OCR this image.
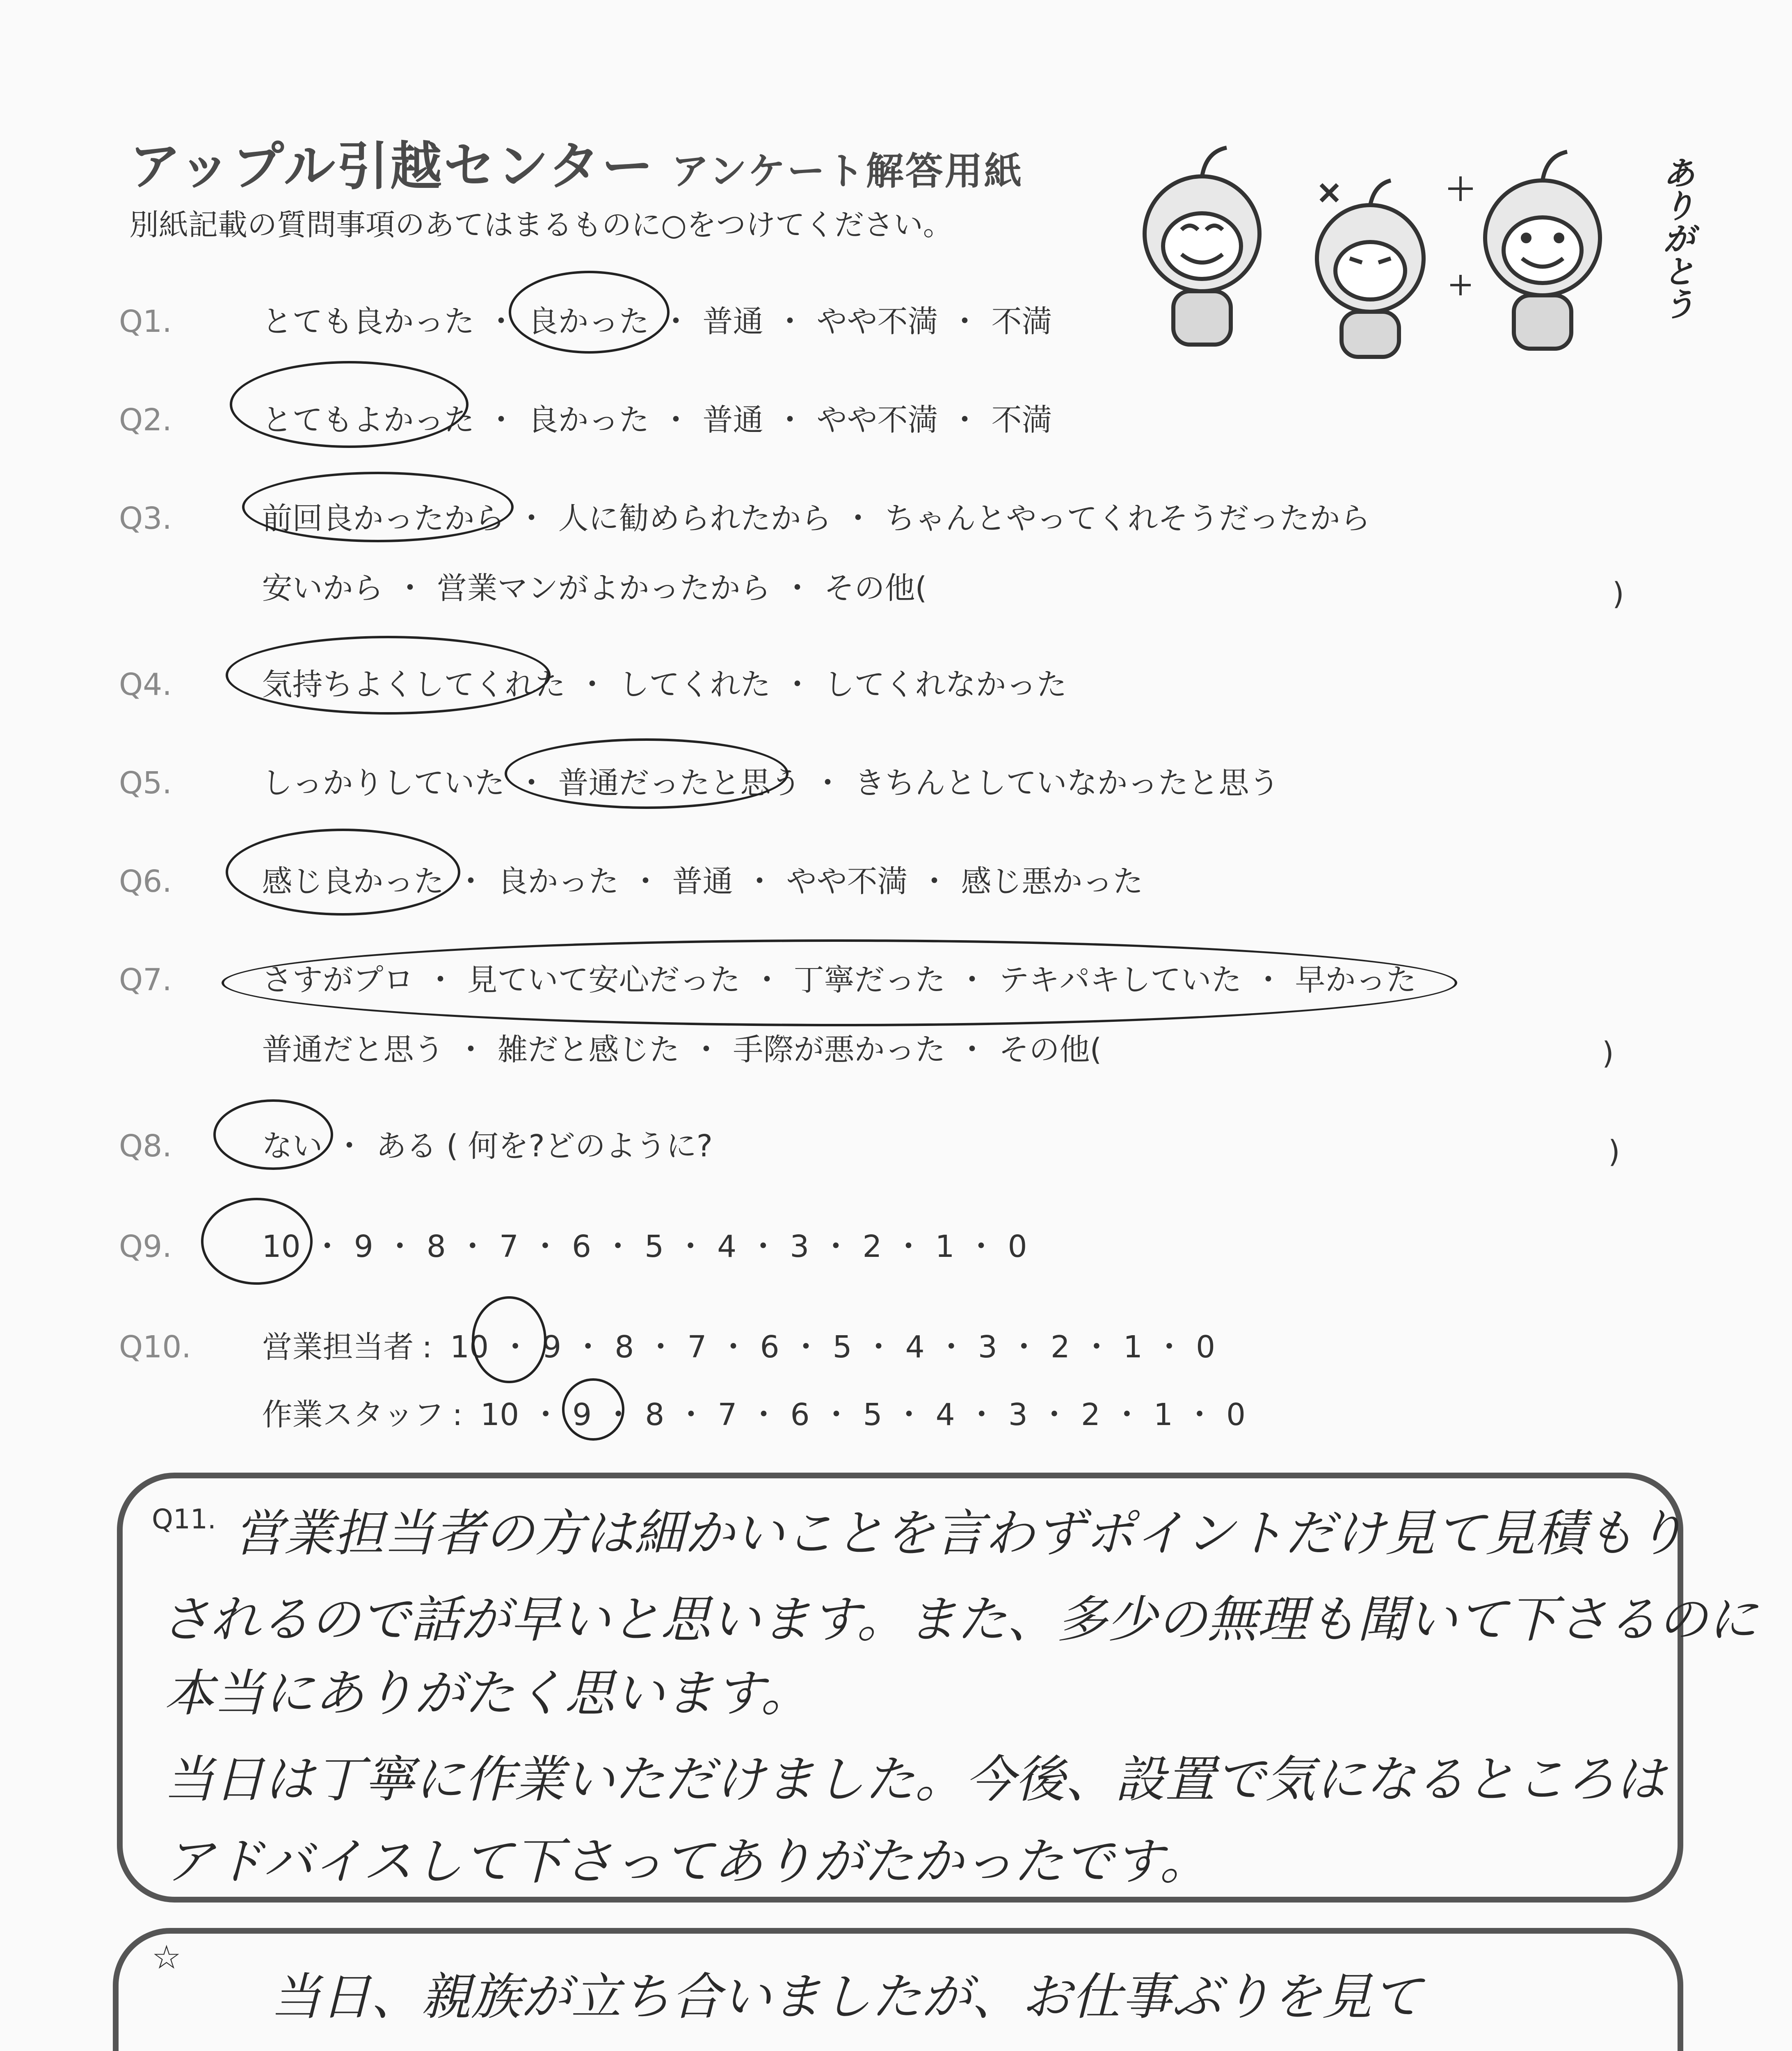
アップル引越センター アンケート解答用紙
別紙記載の質問事項のあてはまるものに○をつけてください。	ありがとう
Q1.	とても良かった ・ 良かった ・ 普通 ・ やや不満 ・ 不満
Q2.	とてもよかった ・ 良かった ・ 普通 ・ やや不満 ・ 不満
Q3.	前回良かったから ・ 人に勧められたから ・ ちゃんとやってくれそうだったから
安いから ・ 営業マンがよかったから ・ その他(	)
Q4.	気持ちよくしてくれた ・ してくれた ・ してくれなかった
Q5.	しっかりしていた ・ 普通だったと思う ・ きちんとしていなかったと思う
Q6.	感じ良かった ・ 良かった ・ 普通 ・ やや不満 ・ 感じ悪かった
Q7.	さすがプロ ・ 見ていて安心だった ・ 丁寧だった ・ テキパキしていた ・ 早かった
普通だと思う ・ 雑だと感じた ・ 手際が悪かった ・ その他(	)
Q8.	ない ・ ある ( 何を?どのように?	)
Q9.	10 ・ 9 ・ 8 ・ 7 ・ 6 ・ 5 ・ 4 ・ 3 ・ 2 ・ 1 ・ 0
Q10. 営業担当者 : 10 ・ 9 ・ 8 ・ 7 ・ 6 ・ 5 ・ 4 ・ 3 ・ 2 ・ 1 ・ 0
作業スタッフ : 10 ・ 9 ・ 8 ・ 7 ・ 6 ・ 5 ・ 4 ・ 3 ・ 2 ・ 1 ・ 0
Q11. 営業担当者の方は細かいことを言わずポイントだけ見て見積もり
されるので話が早いと思います。また、多少の無理も聞いて下さるのに
本当にありがたく思います。
当日は丁寧に作業いただけました。今後、設置で気になるところは
アドバイスして下さってありがたかったです。
☆
当日、親族が立ち合いましたが、お仕事ぶりを見て
